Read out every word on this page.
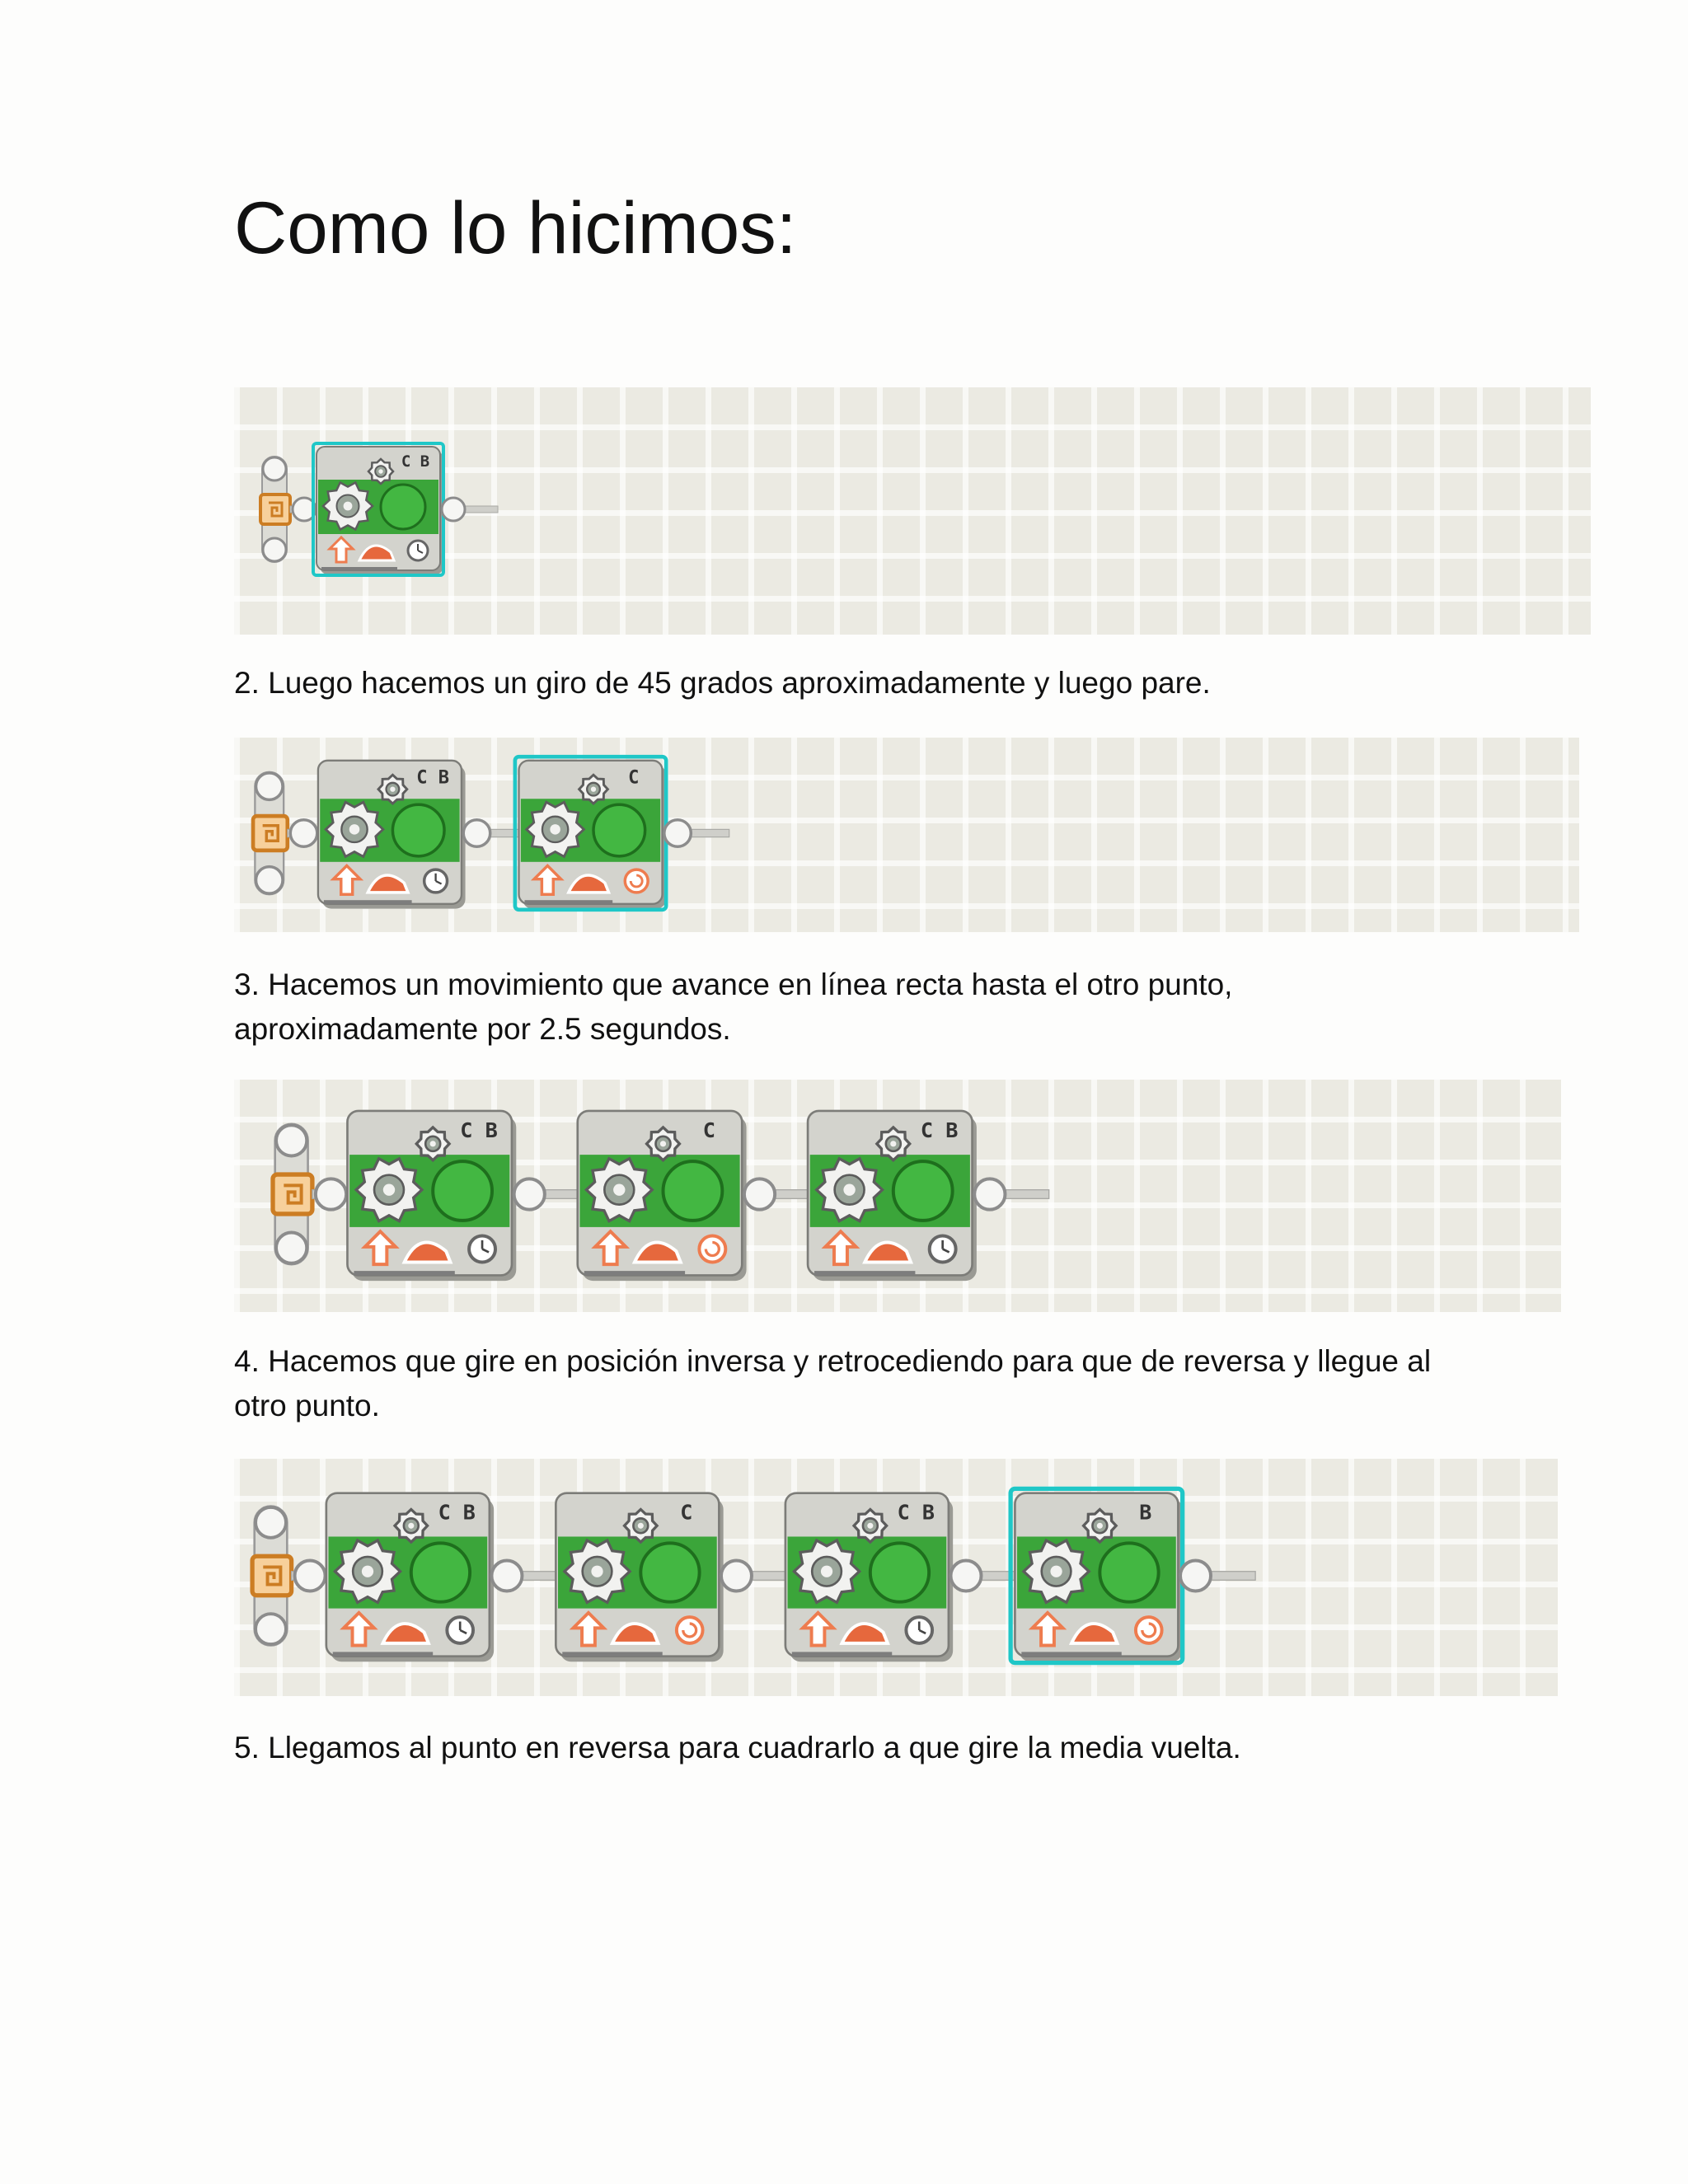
Como lo hicimos:
C B

2. Luego hacemos un giro de 45 grados aproximadamente y luego pare.

C B	C

3. Hacemos un movimiento que avance en línea recta hasta el otro punto, aproximadamente por 2.5 segundos.

C B	C	C B

4. Hacemos que gire en posición inversa y retrocediendo para que de reversa y llegue al otro punto.

C B	C	C B	B

5. Llegamos al punto en reversa para cuadrarlo a que gire la media vuelta.
